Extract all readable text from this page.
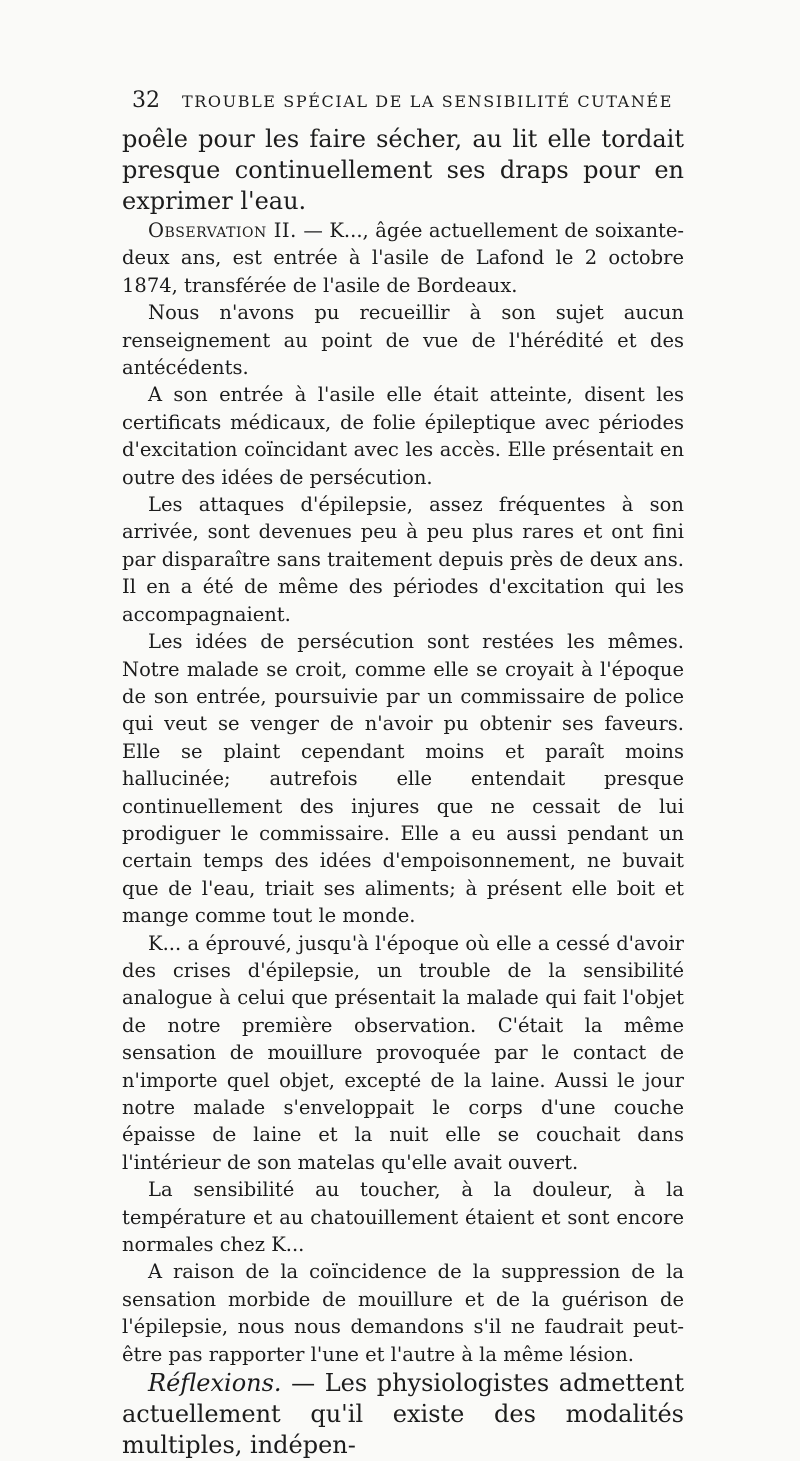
32 TROUBLE SPÉCIAL DE LA SENSIBILITÉ CUTANÉE

poêle pour les faire sécher, au lit elle tordait presque continuellement ses draps pour en exprimer l'eau.

Observation II. — K..., âgée actuellement de soixante-deux ans, est entrée à l'asile de Lafond le 2 octobre 1874, transférée de l'asile de Bordeaux.

Nous n'avons pu recueillir à son sujet aucun renseignement au point de vue de l'hérédité et des antécédents.

A son entrée à l'asile elle était atteinte, disent les certificats médicaux, de folie épileptique avec périodes d'excitation coïncidant avec les accès. Elle présentait en outre des idées de persécution.

Les attaques d'épilepsie, assez fréquentes à son arrivée, sont devenues peu à peu plus rares et ont fini par disparaître sans traitement depuis près de deux ans. Il en a été de même des périodes d'excitation qui les accompagnaient.

Les idées de persécution sont restées les mêmes. Notre malade se croit, comme elle se croyait à l'époque de son entrée, poursuivie par un commissaire de police qui veut se venger de n'avoir pu obtenir ses faveurs. Elle se plaint cependant moins et paraît moins hallucinée; autrefois elle entendait presque continuellement des injures que ne cessait de lui prodiguer le commissaire. Elle a eu aussi pendant un certain temps des idées d'empoisonnement, ne buvait que de l'eau, triait ses aliments; à présent elle boit et mange comme tout le monde.

K... a éprouvé, jusqu'à l'époque où elle a cessé d'avoir des crises d'épilepsie, un trouble de la sensibilité analogue à celui que présentait la malade qui fait l'objet de notre première observation. C'était la même sensation de mouillure provoquée par le contact de n'importe quel objet, excepté de la laine. Aussi le jour notre malade s'enveloppait le corps d'une couche épaisse de laine et la nuit elle se couchait dans l'intérieur de son matelas qu'elle avait ouvert.

La sensibilité au toucher, à la douleur, à la température et au chatouillement étaient et sont encore normales chez K...

A raison de la coïncidence de la suppression de la sensation morbide de mouillure et de la guérison de l'épilepsie, nous nous demandons s'il ne faudrait peut-être pas rapporter l'une et l'autre à la même lésion.

Réflexions. — Les physiologistes admettent actuellement qu'il existe des modalités multiples, indépen-
